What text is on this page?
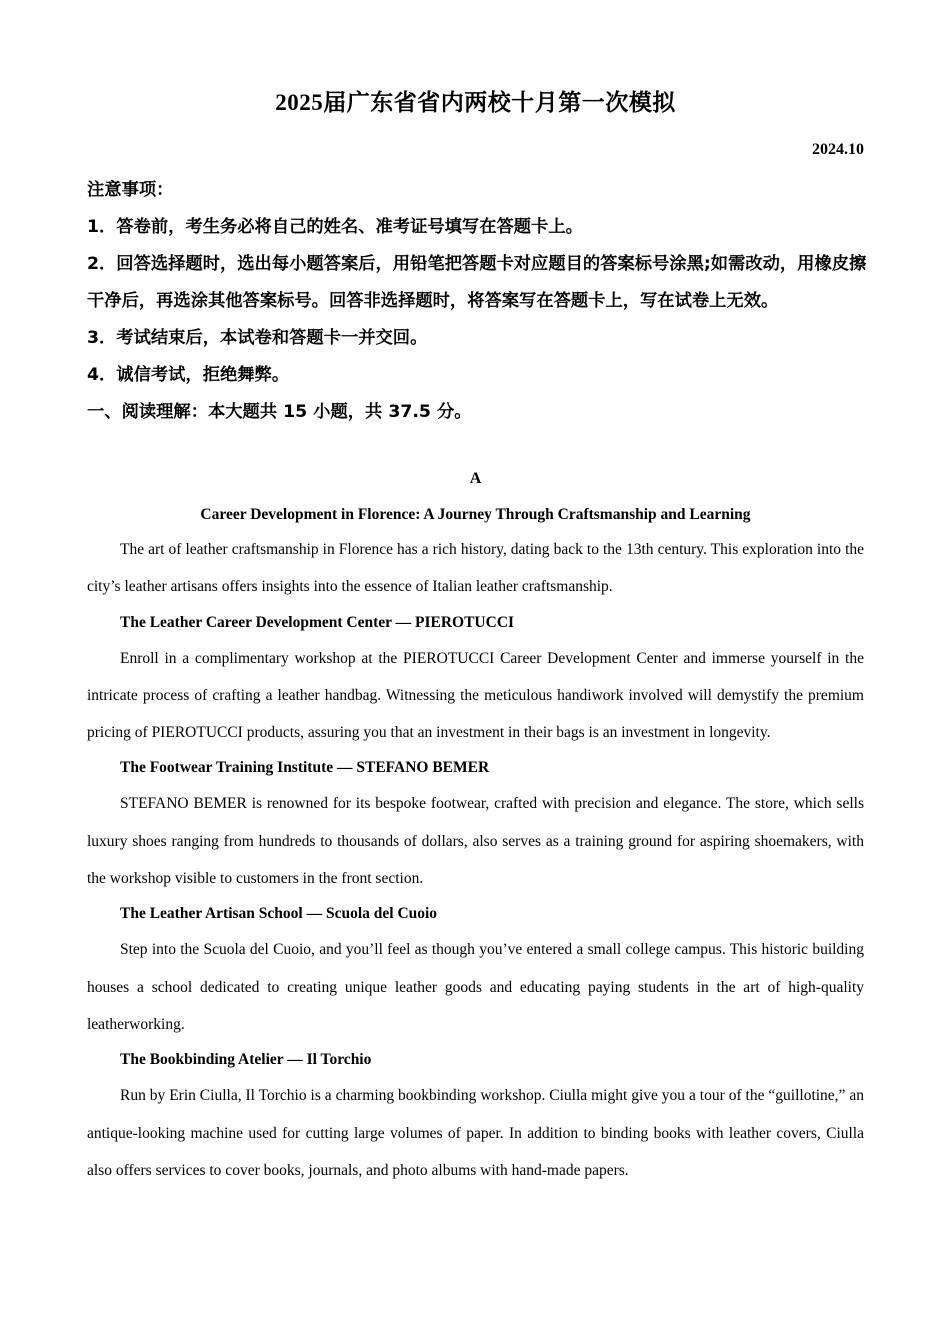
2025届广东省省内两校十月第一次模拟
2024.10

注意事项：

1．答卷前，考生务必将自己的姓名、准考证号填写在答题卡上。

2．回答选择题时，选出每小题答案后，用铅笔把答题卡对应题目的答案标号涂黑;如需改动，用橡皮擦干净后，再选涂其他答案标号。回答非选择题时，将答案写在答题卡上，写在试卷上无效。

3．考试结束后，本试卷和答题卡一并交回。

4．诚信考试，拒绝舞弊。

一、阅读理解：本大题共 15 小题，共 37.5 分。

A
Career Development in Florence: A Journey Through Craftsmanship and Learning

The art of leather craftsmanship in Florence has a rich history, dating back to the 13th century. This exploration into the city’s leather artisans offers insights into the essence of Italian leather craftsmanship.

The Leather Career Development Center — PIEROTUCCI

Enroll in a complimentary workshop at the PIEROTUCCI Career Development Center and immerse yourself in the intricate process of crafting a leather handbag. Witnessing the meticulous handiwork involved will demystify the premium pricing of PIEROTUCCI products, assuring you that an investment in their bags is an investment in longevity.

The Footwear Training Institute — STEFANO BEMER

STEFANO BEMER is renowned for its bespoke footwear, crafted with precision and elegance. The store, which sells luxury shoes ranging from hundreds to thousands of dollars, also serves as a training ground for aspiring shoemakers, with the workshop visible to customers in the front section.

The Leather Artisan School — Scuola del Cuoio

Step into the Scuola del Cuoio, and you’ll feel as though you’ve entered a small college campus. This historic building houses a school dedicated to creating unique leather goods and educating paying students in the art of high-quality leatherworking.

The Bookbinding Atelier — Il Torchio

Run by Erin Ciulla, Il Torchio is a charming bookbinding workshop. Ciulla might give you a tour of the “guillotine,” an antique-looking machine used for cutting large volumes of paper. In addition to binding books with leather covers, Ciulla also offers services to cover books, journals, and photo albums with hand-made papers.
